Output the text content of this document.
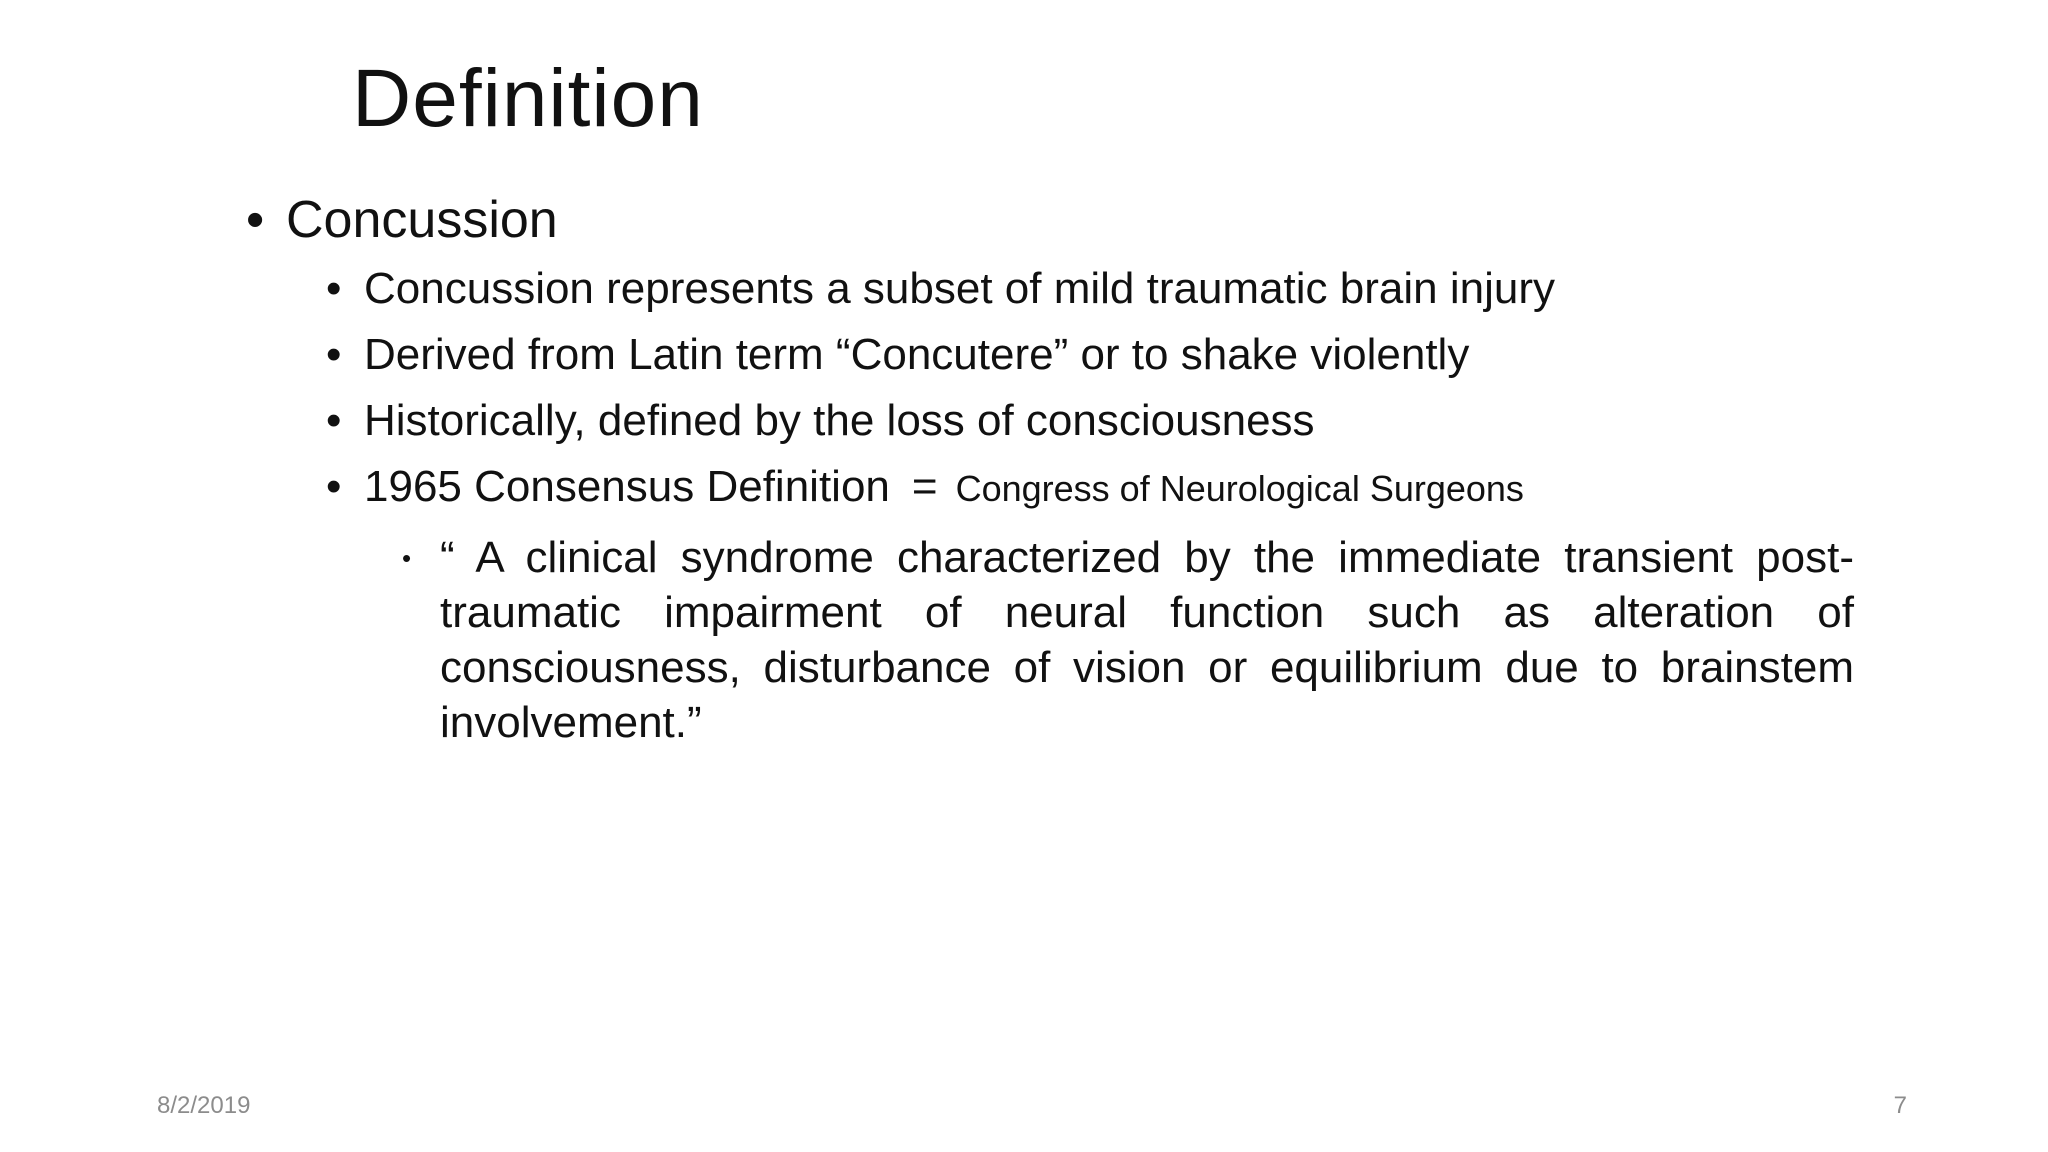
Definition
• Concussion
• Concussion represents a subset of mild traumatic brain injury
• Derived from Latin term “Concutere” or to shake violently
• Historically, defined by the loss of consciousness
• 1965 Consensus Definition = Congress of Neurological Surgeons
• “ A clinical syndrome characterized by the immediate transient post-traumatic impairment of neural function such as alteration of consciousness, disturbance of vision or equilibrium due to brainstem involvement.”
8/2/2019	7
